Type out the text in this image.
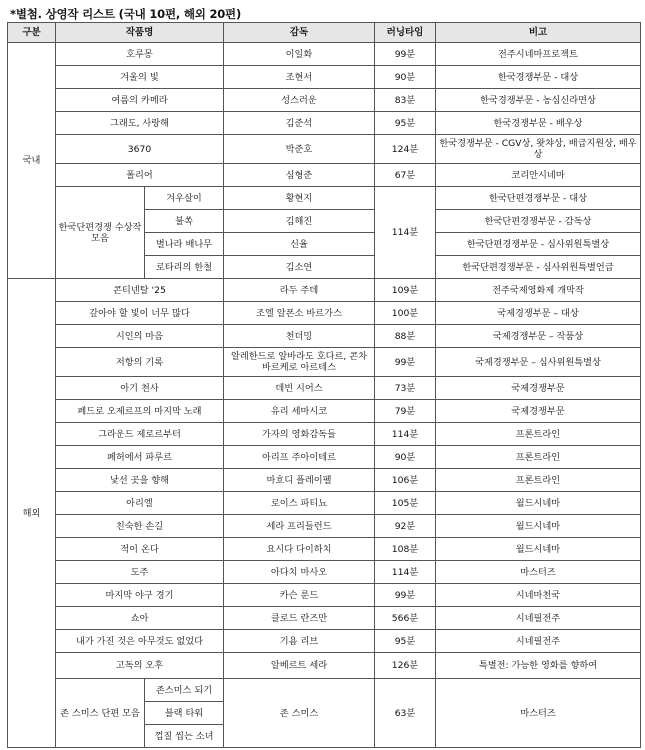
*별첨. 상영작 리스트 (국내 10편, 해외 20편)
구분	작품명		감독	러닝타임	비고
국내	호루몽		이일화	99분	전주시네마프로젝트
	겨울의 빛		조현서	90분	한국경쟁부문 - 대상
	여름의 카메라		성스러운	83분	한국경쟁부문 - 농심신라면상
	그래도, 사랑해		김준석	95분	한국경쟁부문 - 배우상
	3670		박준호	124분	한국경쟁부문 - CGV상, 왓챠상, 배급지원상, 배우상
	폴리어		심형준	67분	코리안시네마
	한국단편경쟁 수상작 모음	겨우살이	황현지	114분	한국단편경쟁부문 - 대상
		불쏙	김해진		한국단편경쟁부문 - 감독상
		별나라 배나무	신율		한국단편경쟁부문 - 심사위원특별상
		로타리의 한철	김소연		한국단편경쟁부문 - 심사위원특별언급
해외	콘티넨탈 '25		라두 주데	109분	전주국제영화제 개막작
	갚아야 할 빛이 너무 많다		조엘 알폰소 바르가스	100분	국제경쟁부문 – 대상
	시인의 마음		천더밍	88분	국제경쟁부문 – 작품상
	저항의 기록		알레한드로 알바라도 호다르, 콘차 바르케로 아르테스	99분	국제경쟁부문 – 심사위원특별상
	아기 천사		데빈 시어스	73분	국제경쟁부문
	페드로 오제르프의 마지막 노래		유리 세마시코	79분	국제경쟁부문
	그라운드 제로르부터		가자의 영화감독들	114분	프론트라인
	폐허에서 파루르		아리프 주아이테르	90분	프론트라인
	낯선 곳을 향해		마흐디 플레이펠	106분	프론트라인
	아리엘		로이스 파티뇨	105분	월드시네마
	친숙한 손길		세라 프리들런드	92분	월드시네마
	적이 온다		요시다 다이하치	108분	월드시네마
	도주		아다치 마사오	114분	마스터즈
	마지막 야구 경기		카슨 룬드	99분	시네마천국
	쇼아		클로드 란즈만	566분	시네필전주
	내가 가진 것은 아무것도 없었다		기욤 리브	95분	시네필전주
	고독의 오후		알베르트 세라	126분	특별전: 가능한 영화를 향하여
	존 스미스 단편 모음	존스미스 되기	존 스미스	63분	마스터즈
		블랙 타워			
		껍질 씹는 소녀			
